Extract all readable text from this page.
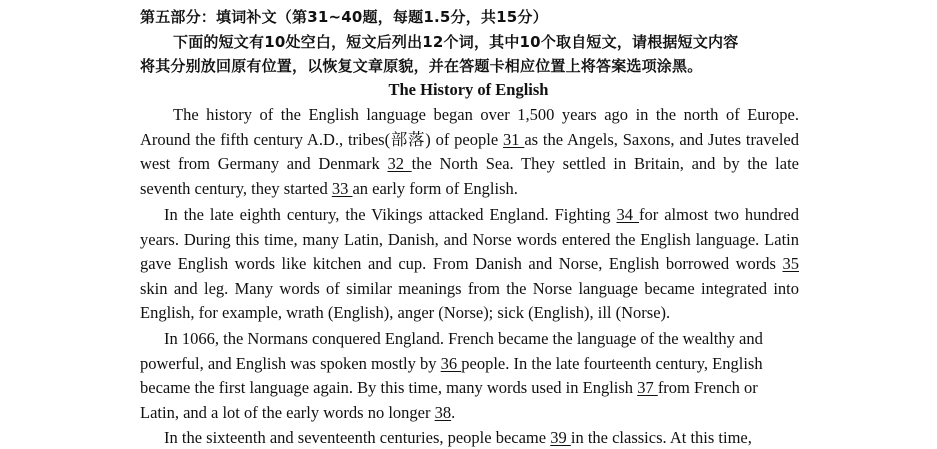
第五部分：填词补文（第31~40题，每题1.5分，共15分）
下面的短文有10处空白，短文后列出12个词，其中10个取自短文，请根据短文内容
将其分别放回原有位置，以恢复文章原貌，并在答题卡相应位置上将答案选项涂黑。
The History of English
The history of the English language began over 1,500 years ago in the north of Europe.
Around the fifth century A.D., tribes(部落) of people 31 as the Angels, Saxons, and Jutes traveled
west from Germany and Denmark 32 the North Sea. They settled in Britain, and by the late
seventh century, they started 33 an early form of English.
In the late eighth century, the Vikings attacked England. Fighting 34 for almost two hundred
years. During this time, many Latin, Danish, and Norse words entered the English language. Latin
gave English words like kitchen and cup. From Danish and Norse, English borrowed words 35
skin and leg. Many words of similar meanings from the Norse language became integrated into
English, for example, wrath (English), anger (Norse); sick (English), ill (Norse).
In 1066, the Normans conquered England. French became the language of the wealthy and
powerful, and English was spoken mostly by 36 people. In the late fourteenth century, English
became the first language again. By this time, many words used in English 37 from French or
Latin, and a lot of the early words no longer 38.
In the sixteenth and seventeenth centuries, people became 39 in the classics. At this time,
